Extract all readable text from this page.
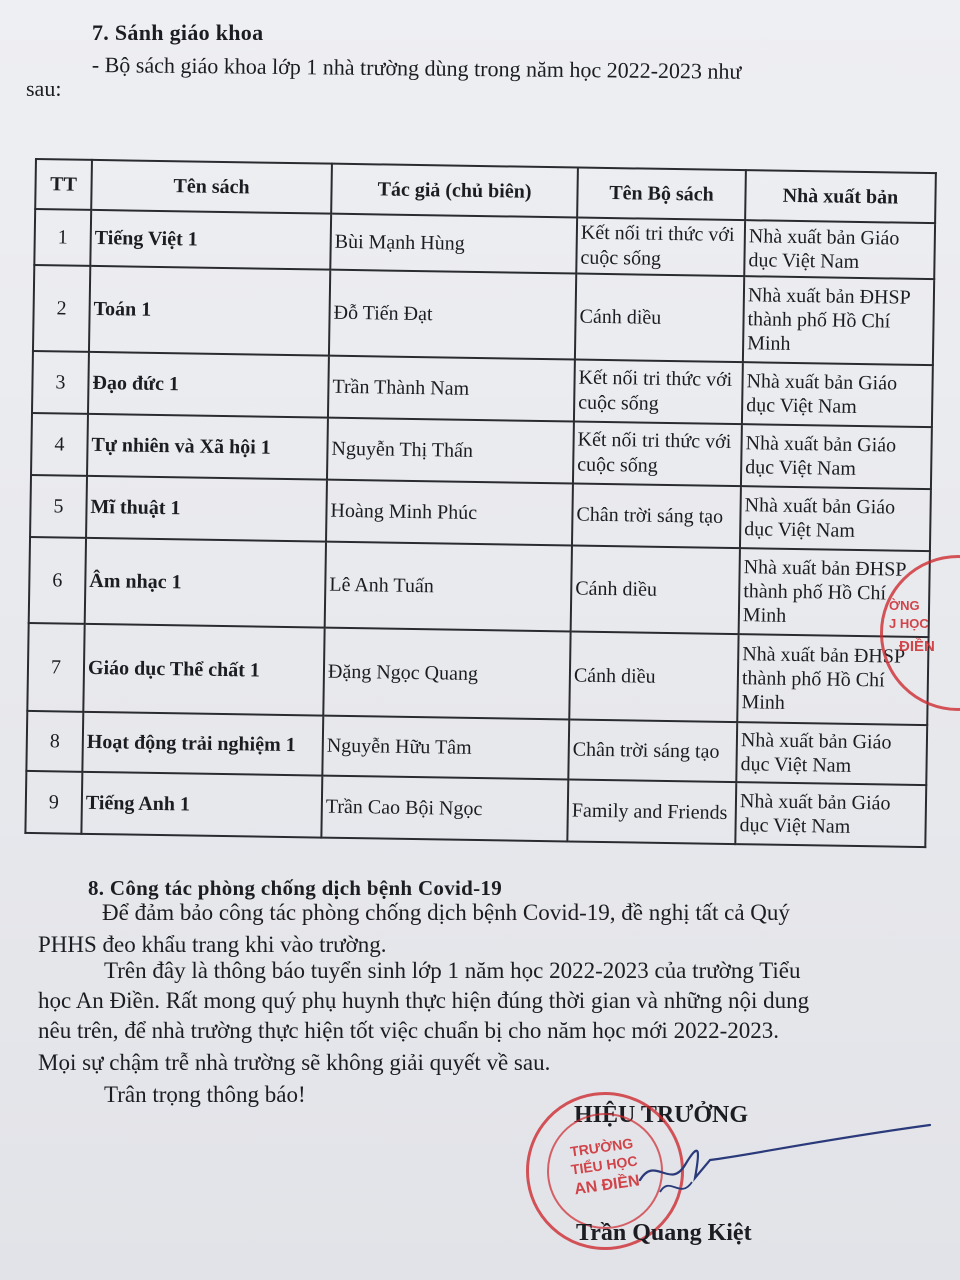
7. Sánh giáo khoa
- Bộ sách giáo khoa lớp 1 nhà trường dùng trong năm học 2022-2023 như
sau:
TT	Tên sách	Tác giả (chủ biên)	Tên Bộ sách	Nhà xuất bản
1	Tiếng Việt 1	Bùi Mạnh Hùng	Kết nối tri thức với cuộc sống	Nhà xuất bản Giáo dục Việt Nam
2	Toán 1	Đỗ Tiến Đạt	Cánh diều	Nhà xuất bản ĐHSP thành phố Hồ Chí Minh
3	Đạo đức 1	Trần Thành Nam	Kết nối tri thức với cuộc sống	Nhà xuất bản Giáo dục Việt Nam
4	Tự nhiên và Xã hội 1	Nguyễn Thị Thấn	Kết nối tri thức với cuộc sống	Nhà xuất bản Giáo dục Việt Nam
5	Mĩ thuật 1	Hoàng Minh Phúc	Chân trời sáng tạo	Nhà xuất bản Giáo dục Việt Nam
6	Âm nhạc 1	Lê Anh Tuấn	Cánh diều	Nhà xuất bản ĐHSP thành phố Hồ Chí Minh
7	Giáo dục Thể chất 1	Đặng Ngọc Quang	Cánh diều	Nhà xuất bản ĐHSP thành phố Hồ Chí Minh
8	Hoạt động trải nghiệm 1	Nguyễn Hữu Tâm	Chân trời sáng tạo	Nhà xuất bản Giáo dục Việt Nam
9	Tiếng Anh 1	Trần Cao Bội Ngọc	Family and Friends	Nhà xuất bản Giáo dục Việt Nam
ỜNG
J HỌC
ĐIỀN
8. Công tác phòng chống dịch bệnh Covid-19
Để đảm bảo công tác phòng chống dịch bệnh Covid-19, đề nghị tất cả Quý
PHHS đeo khẩu trang khi vào trường.
Trên đây là thông báo tuyển sinh lớp 1 năm học 2022-2023 của trường Tiểu
học An Điền. Rất mong quý phụ huynh thực hiện đúng thời gian và những nội dung
nêu trên, để nhà trường thực hiện tốt việc chuẩn bị cho năm học mới 2022-2023.
Mọi sự chậm trễ nhà trường sẽ không giải quyết về sau.
Trân trọng thông báo!
HIỆU TRƯỞNG
TRƯỜNG
TIỂU HỌC
AN ĐIỀN
Trần Quang Kiệt
